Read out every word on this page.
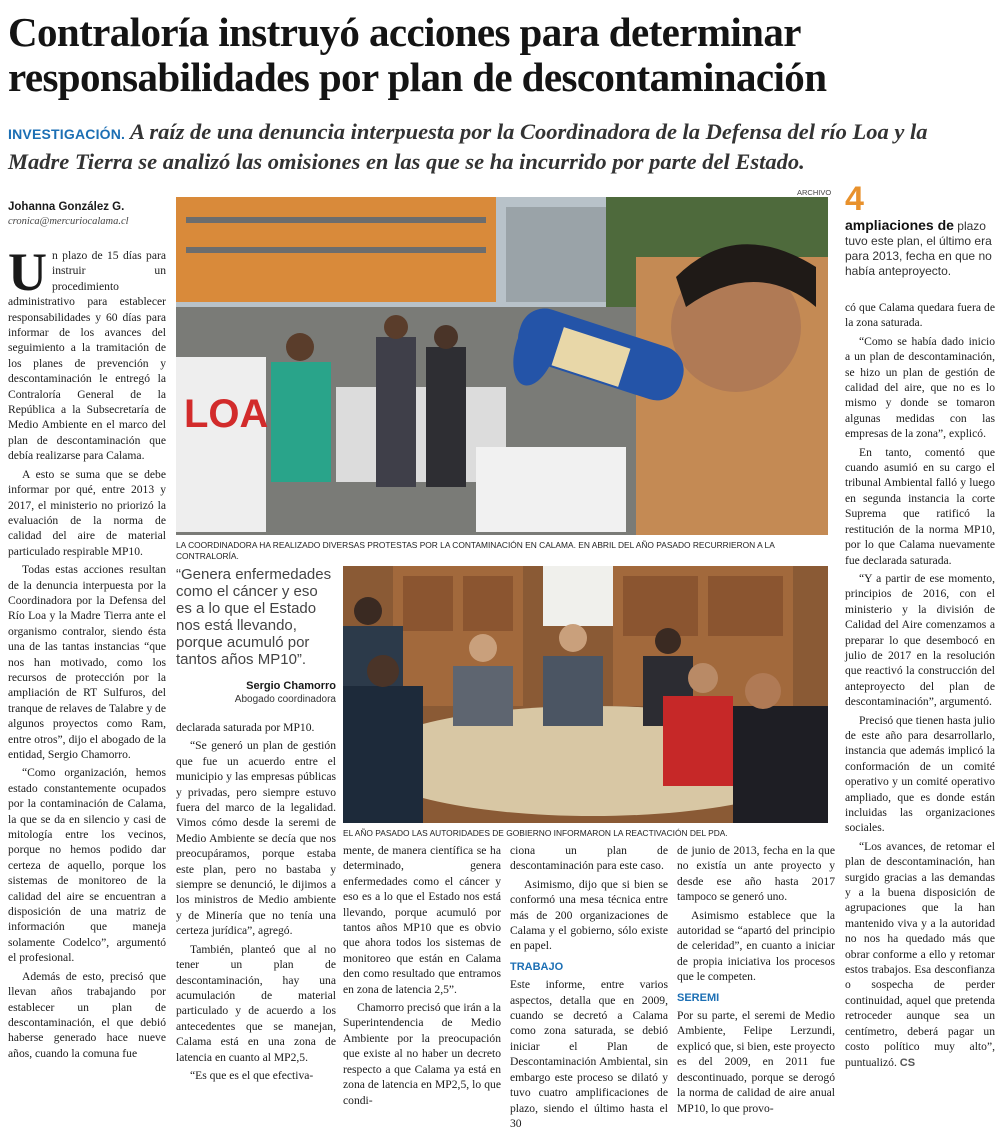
Contraloría instruyó acciones para determinar
responsabilidades por plan de descontaminación
INVESTIGACIÓN. A raíz de una denuncia interpuesta por la Coordinadora de la Defensa del río Loa y la Madre Tierra se analizó las omisiones en las que se ha incurrido por parte del Estado.
Johanna González G.
cronica@mercuriocalama.cl

Un plazo de 15 días para instruir un procedimiento administrativo para establecer responsabilidades y 60 días para informar de los avances del seguimiento a la tramitación de los planes de prevención y descontaminación le entregó la Contraloría General de la República a la Subsecretaría de Medio Ambiente en el marco del plan de descontaminación que debía realizarse para Calama.

A esto se suma que se debe informar por qué, entre 2013 y 2017, el ministerio no priorizó la evaluación de la norma de calidad del aire de material particulado respirable MP10.

Todas estas acciones resultan de la denuncia interpuesta por la Coordinadora por la Defensa del Río Loa y la Madre Tierra ante el organismo contralor, siendo ésta una de las tantas instancias “que nos han motivado, como los recursos de protección por la ampliación de RT Sulfuros, del tranque de relaves de Talabre y de algunos proyectos como Ram, entre otros”, dijo el abogado de la entidad, Sergio Chamorro.

“Como organización, hemos estado constantemente ocupados por la contaminación de Calama, la que se da en silencio y casi de mitología entre los vecinos, porque no hemos podido dar certeza de aquello, porque los sistemas de monitoreo de la calidad del aire se encuentran a disposición de una matriz de información que maneja solamente Codelco”, argumentó el profesional.

Además de esto, precisó que llevan años trabajando por establecer un plan de descontaminación, el que debió haberse generado hace nueve años, cuando la comuna fue

ARCHIVO
LOA
LA COORDINADORA HA REALIZADO DIVERSAS PROTESTAS POR LA CONTAMINACIÓN EN CALAMA. EN ABRIL DEL AÑO PASADO RECURRIERON A LA CONTRALORÍA.
4
ampliaciones de plazo tuvo este plan, el último era para 2013, fecha en que no había anteproyecto.
“Genera enfermedades como el cáncer y eso es a lo que el Estado nos está llevando, porque acumuló por tantos años MP10”.
Sergio Chamorro
Abogado coordinadora
EL AÑO PASADO LAS AUTORIDADES DE GOBIERNO INFORMARON LA REACTIVACIÓN DEL PDA.

declarada saturada por MP10.

“Se generó un plan de gestión que fue un acuerdo entre el municipio y las empresas públicas y privadas, pero siempre estuvo fuera del marco de la legalidad. Vimos cómo desde la seremi de Medio Ambiente se decía que nos preocupáramos, porque estaba este plan, pero no bastaba y siempre se denunció, le dijimos a los ministros de Medio ambiente y de Minería que no tenía una certeza jurídica”, agregó.

También, planteó que al no tener un plan de descontaminación, hay una acumulación de material particulado y de acuerdo a los antecedentes que se manejan, Calama está en una zona de latencia en cuanto al MP2,5.

“Es que es el que efectiva-

mente, de manera científica se ha determinado, genera enfermedades como el cáncer y eso es a lo que el Estado nos está llevando, porque acumuló por tantos años MP10 que es obvio que ahora todos los sistemas de monitoreo que están en Calama den como resultado que entramos en zona de latencia 2,5”.

Chamorro precisó que irán a la Superintendencia de Medio Ambiente por la preocupación que existe al no haber un decreto respecto a que Calama ya está en zona de latencia en MP2,5, lo que condi-

ciona un plan de descontaminación para este caso.

Asimismo, dijo que si bien se conformó una mesa técnica entre más de 200 organizaciones de Calama y el gobierno, sólo existe en papel.

TRABAJO

Este informe, entre varios aspectos, detalla que en 2009, cuando se decretó a Calama como zona saturada, se debió iniciar el Plan de Descontaminación Ambiental, sin embargo este proceso se dilató y tuvo cuatro amplificaciones de plazo, siendo el último hasta el 30

de junio de 2013, fecha en la que no existía un ante proyecto y desde ese año hasta 2017 tampoco se generó uno.

Asimismo establece que la autoridad se “apartó del principio de celeridad”, en cuanto a iniciar de propia iniciativa los procesos que le competen.

SEREMI

Por su parte, el seremi de Medio Ambiente, Felipe Lerzundi, explicó que, si bien, este proyecto es del 2009, en 2011 fue descontinuado, porque se derogó la norma de calidad de aire anual MP10, lo que provo-

có que Calama quedara fuera de la zona saturada.

“Como se había dado inicio a un plan de descontaminación, se hizo un plan de gestión de calidad del aire, que no es lo mismo y donde se tomaron algunas medidas con las empresas de la zona”, explicó.

En tanto, comentó que cuando asumió en su cargo el tribunal Ambiental falló y luego en segunda instancia la corte Suprema que ratificó la restitución de la norma MP10, por lo que Calama nuevamente fue declarada saturada.

“Y a partir de ese momento, principios de 2016, con el ministerio y la división de Calidad del Aire comenzamos a preparar lo que desembocó en julio de 2017 en la resolución que reactivó la construcción del anteproyecto del plan de descontaminación”, argumentó.

Precisó que tienen hasta julio de este año para desarrollarlo, instancia que además implicó la conformación de un comité operativo y un comité operativo ampliado, que es donde están incluidas las organizaciones sociales.

“Los avances, de retomar el plan de descontaminación, han surgido gracias a las demandas y a la buena disposición de agrupaciones que la han mantenido viva y a la autoridad no nos ha quedado más que obrar conforme a ello y retomar estos trabajos. Esa desconfianza o sospecha de perder continuidad, aquel que pretenda retroceder aunque sea un centímetro, deberá pagar un costo político muy alto”, puntualizó. CS
